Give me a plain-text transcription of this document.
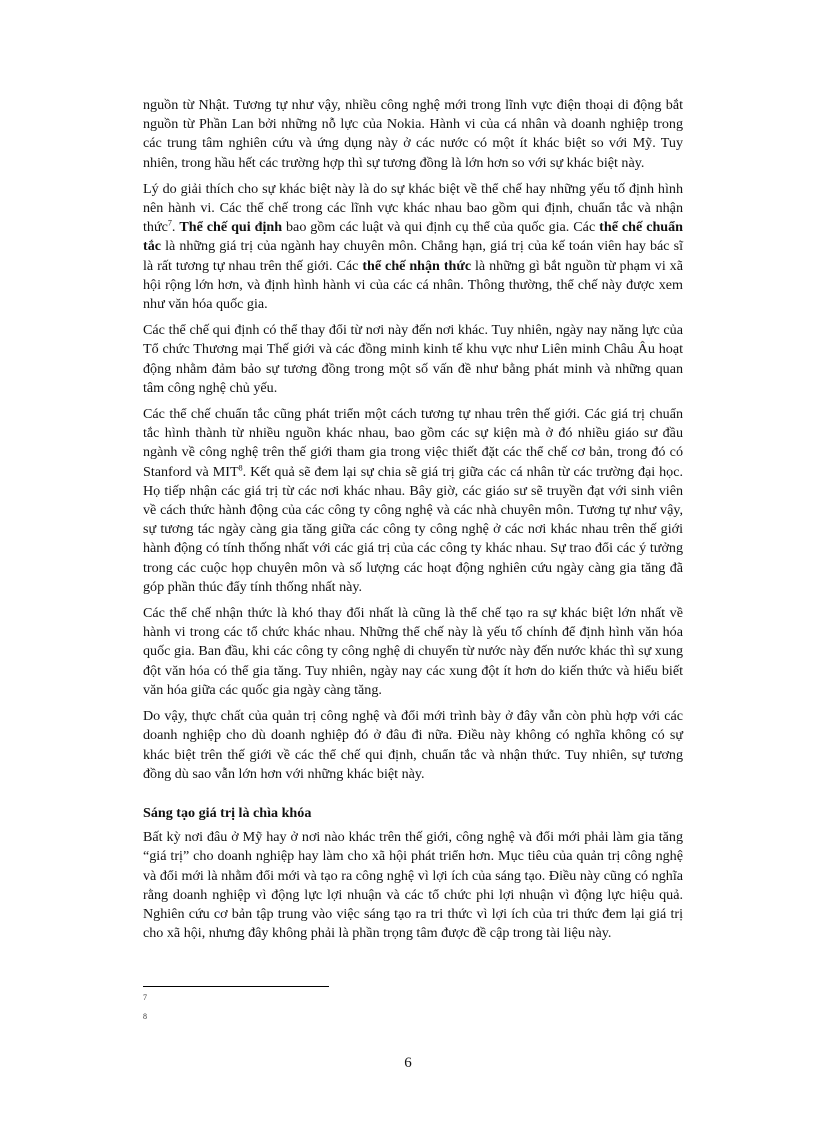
nguồn từ Nhật. Tương tự như vậy, nhiều công nghệ mới trong lĩnh vực điện thoại di động bắt nguồn từ Phần Lan bởi những nỗ lực của Nokia. Hành vi của cá nhân và doanh nghiệp trong các trung tâm nghiên cứu và ứng dụng này ở các nước có một ít khác biệt so với Mỹ. Tuy nhiên, trong hầu hết các trường hợp thì sự tương đồng là lớn hơn so với sự khác biệt này.

Lý do giải thích cho sự khác biệt này là do sự khác biệt về thể chế hay những yếu tố định hình nên hành vi. Các thể chế trong các lĩnh vực khác nhau bao gồm qui định, chuẩn tắc và nhận thức$^7$. Thể chế qui định bao gồm các luật và qui định cụ thể của quốc gia. Các thể chế chuẩn tắc là những giá trị của ngành hay chuyên môn. Chẳng hạn, giá trị của kế toán viên hay bác sĩ là rất tương tự nhau trên thế giới. Các thể chế nhận thức là những gì bắt nguồn từ phạm vi xã hội rộng lớn hơn, và định hình hành vi của các cá nhân. Thông thường, thể chế này được xem như văn hóa quốc gia.

Các thể chế qui định có thể thay đổi từ nơi này đến nơi khác. Tuy nhiên, ngày nay năng lực của Tổ chức Thương mại Thế giới và các đồng minh kinh tế khu vực như Liên minh Châu Âu hoạt động nhằm đảm bảo sự tương đồng trong một số vấn đề như bằng phát minh và những quan tâm công nghệ chủ yếu.

Các thể chế chuẩn tắc cũng phát triển một cách tương tự nhau trên thế giới. Các giá trị chuẩn tắc hình thành từ nhiều nguồn khác nhau, bao gồm các sự kiện mà ở đó nhiều giáo sư đầu ngành về công nghệ trên thế giới tham gia trong việc thiết đặt các thể chế cơ bản, trong đó có Stanford và MIT$^8$. Kết quả sẽ đem lại sự chia sẽ giá trị giữa các cá nhân từ các trường đại học. Họ tiếp nhận các giá trị từ các nơi khác nhau. Bây giờ, các giáo sư sẽ truyền đạt với sinh viên về cách thức hành động của các công ty công nghệ và các nhà chuyên môn. Tương tự như vậy, sự tương tác ngày càng gia tăng giữa các công ty công nghệ ở các nơi khác nhau trên thế giới hành động có tính thống nhất với các giá trị của các công ty khác nhau. Sự trao đổi các ý tưởng trong các cuộc họp chuyên môn và số lượng các hoạt động nghiên cứu ngày càng gia tăng đã góp phần thúc đẩy tính thống nhất này.

Các thể chế nhận thức là khó thay đổi nhất là cũng là thể chế tạo ra sự khác biệt lớn nhất về hành vi trong các tổ chức khác nhau. Những thể chế này là yếu tố chính để định hình văn hóa quốc gia. Ban đầu, khi các công ty công nghệ di chuyển từ nước này đến nước khác thì sự xung đột văn hóa có thể gia tăng. Tuy nhiên, ngày nay các xung đột ít hơn do kiến thức và hiểu biết văn hóa giữa các quốc gia ngày càng tăng.

Do vậy, thực chất của quản trị công nghệ và đổi mới trình bày ở đây vẫn còn phù hợp với các doanh nghiệp cho dù doanh nghiệp đó ở đâu đi nữa. Điều này không có nghĩa không có sự khác biệt trên thế giới về các thể chế qui định, chuẩn tắc và nhận thức. Tuy nhiên, sự tương đồng dù sao vẫn lớn hơn với những khác biệt này.

Sáng tạo giá trị là chìa khóa

Bất kỳ nơi đâu ở Mỹ hay ở nơi nào khác trên thế giới, công nghệ và đổi mới phải làm gia tăng “giá trị” cho doanh nghiệp hay làm cho xã hội phát triển hơn. Mục tiêu của quản trị công nghệ và đổi mới là nhằm đổi mới và tạo ra công nghệ vì lợi ích của sáng tạo. Điều này cũng có nghĩa rằng doanh nghiệp vì động lực lợi nhuận và các tổ chức phi lợi nhuận vì động lực hiệu quả. Nghiên cứu cơ bản tập trung vào việc sáng tạo ra tri thức vì lợi ích của tri thức đem lại giá trị cho xã hội, nhưng đây không phải là phần trọng tâm được đề cập trong tài liệu này.

7
8
6
